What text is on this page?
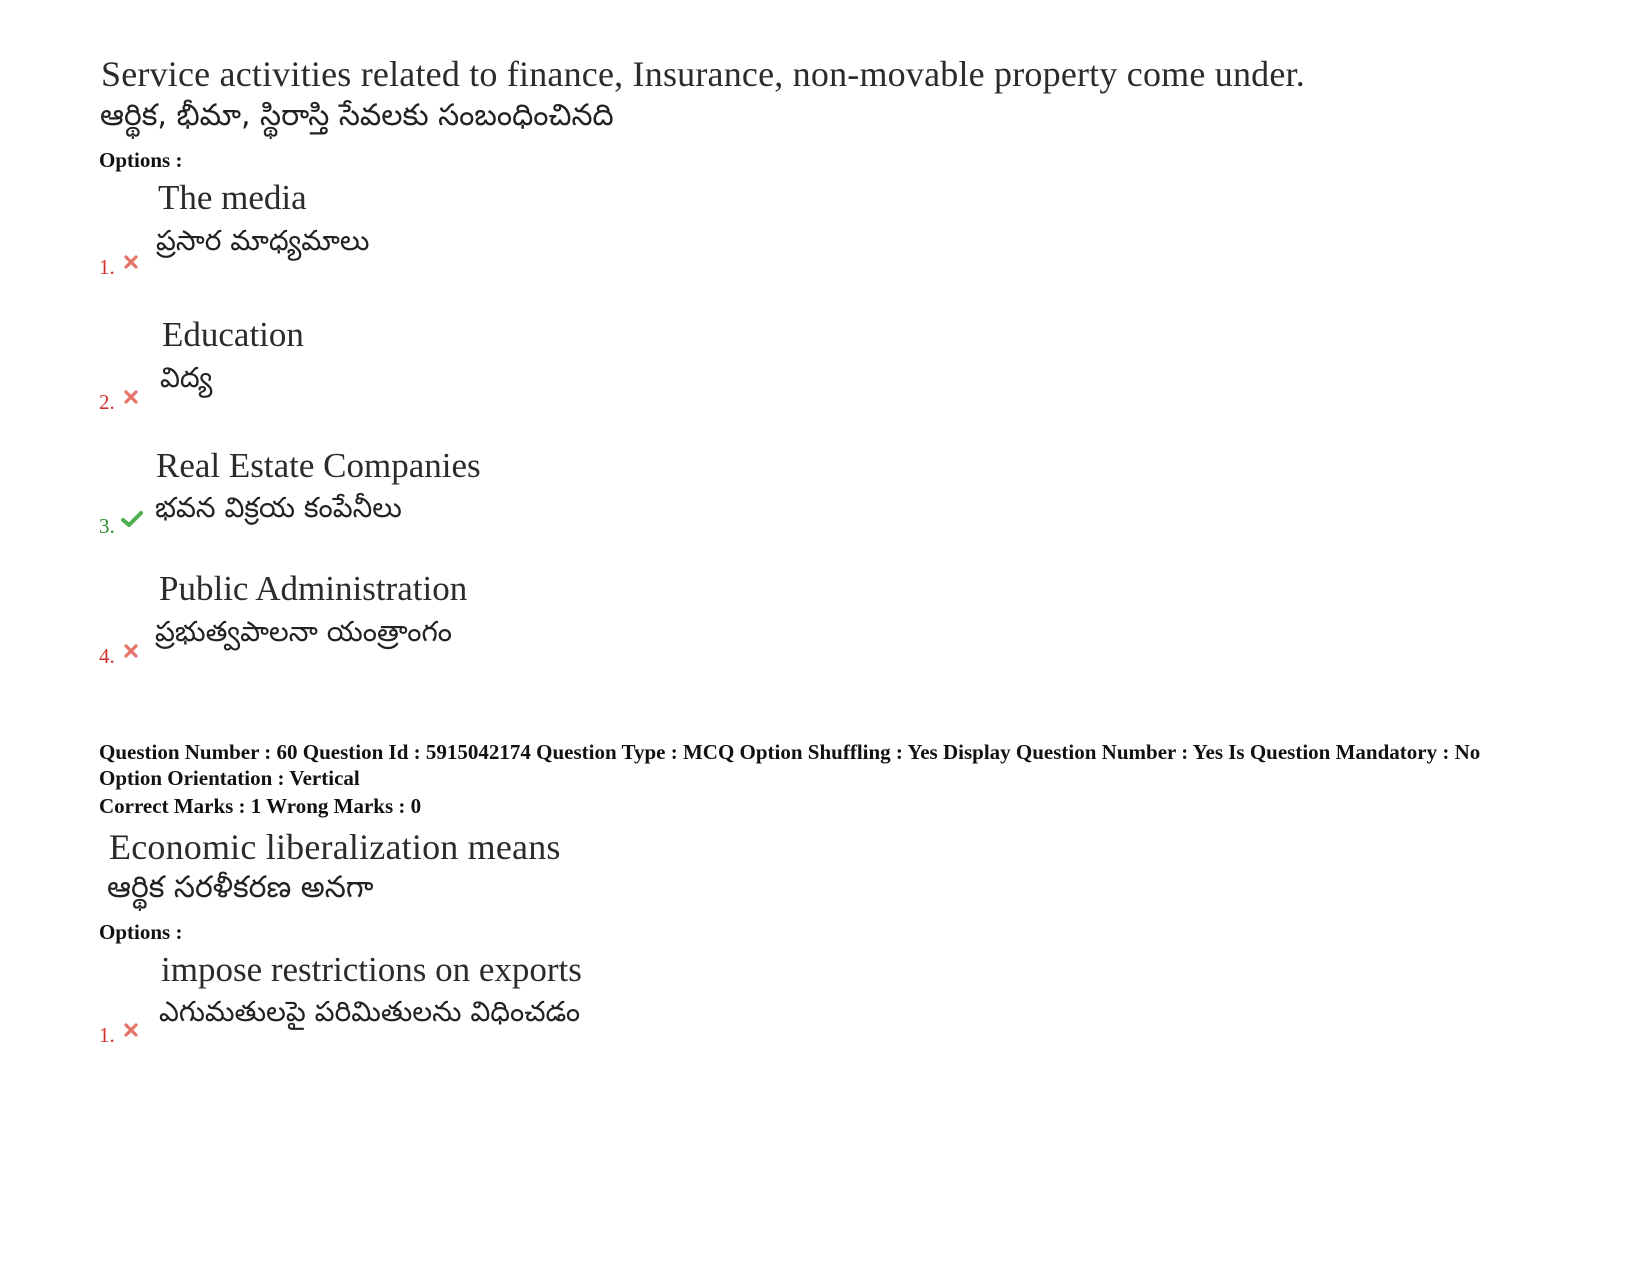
Service activities related to finance, Insurance, non-movable property come under.
ఆర్థిక, భీమా, స్థిరాస్తి సేవలకు సంబంధించినది
Options :
The media
ప్రసార మాధ్యమాలు
1.
Education
విద్య
2.
Real Estate Companies
భవన విక్రయ కంపేనీలు
3.
Public Administration
ప్రభుత్వపాలనా యంత్రాంగం
4.
Question Number : 60 Question Id : 5915042174 Question Type : MCQ Option Shuffling : Yes Display Question Number : Yes Is Question Mandatory : No Option Orientation : Vertical
Correct Marks : 1 Wrong Marks : 0
Economic liberalization means
ఆర్థిక సరళీకరణ అనగా
Options :
impose restrictions on exports
ఎగుమతులపై పరిమితులను విధించడం
1.
